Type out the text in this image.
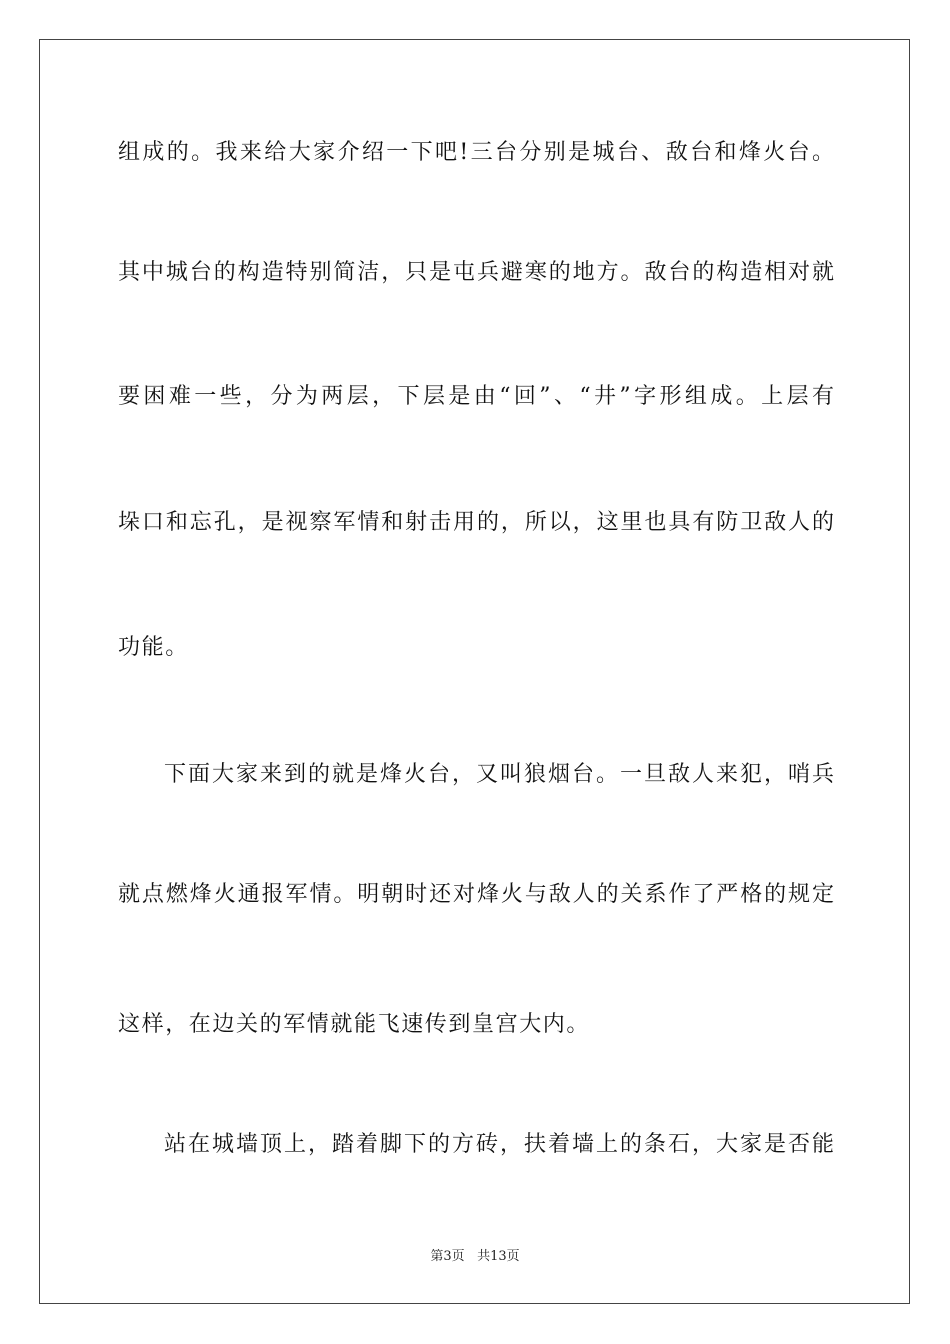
组成的。我来给大家介绍一下吧!三台分别是城台、敌台和烽火台。
其中城台的构造特别简洁，只是屯兵避寒的地方。敌台的构造相对就
要困难一些，分为两层，下层是由“回”、“井”字形组成。上层有
垛口和忘孔，是视察军情和射击用的，所以，这里也具有防卫敌人的
功能。
下面大家来到的就是烽火台，又叫狼烟台。一旦敌人来犯，哨兵
就点燃烽火通报军情。明朝时还对烽火与敌人的关系作了严格的规定
这样，在边关的军情就能飞速传到皇宫大内。
站在城墙顶上，踏着脚下的方砖，扶着墙上的条石，大家是否能
第3页 共13页
